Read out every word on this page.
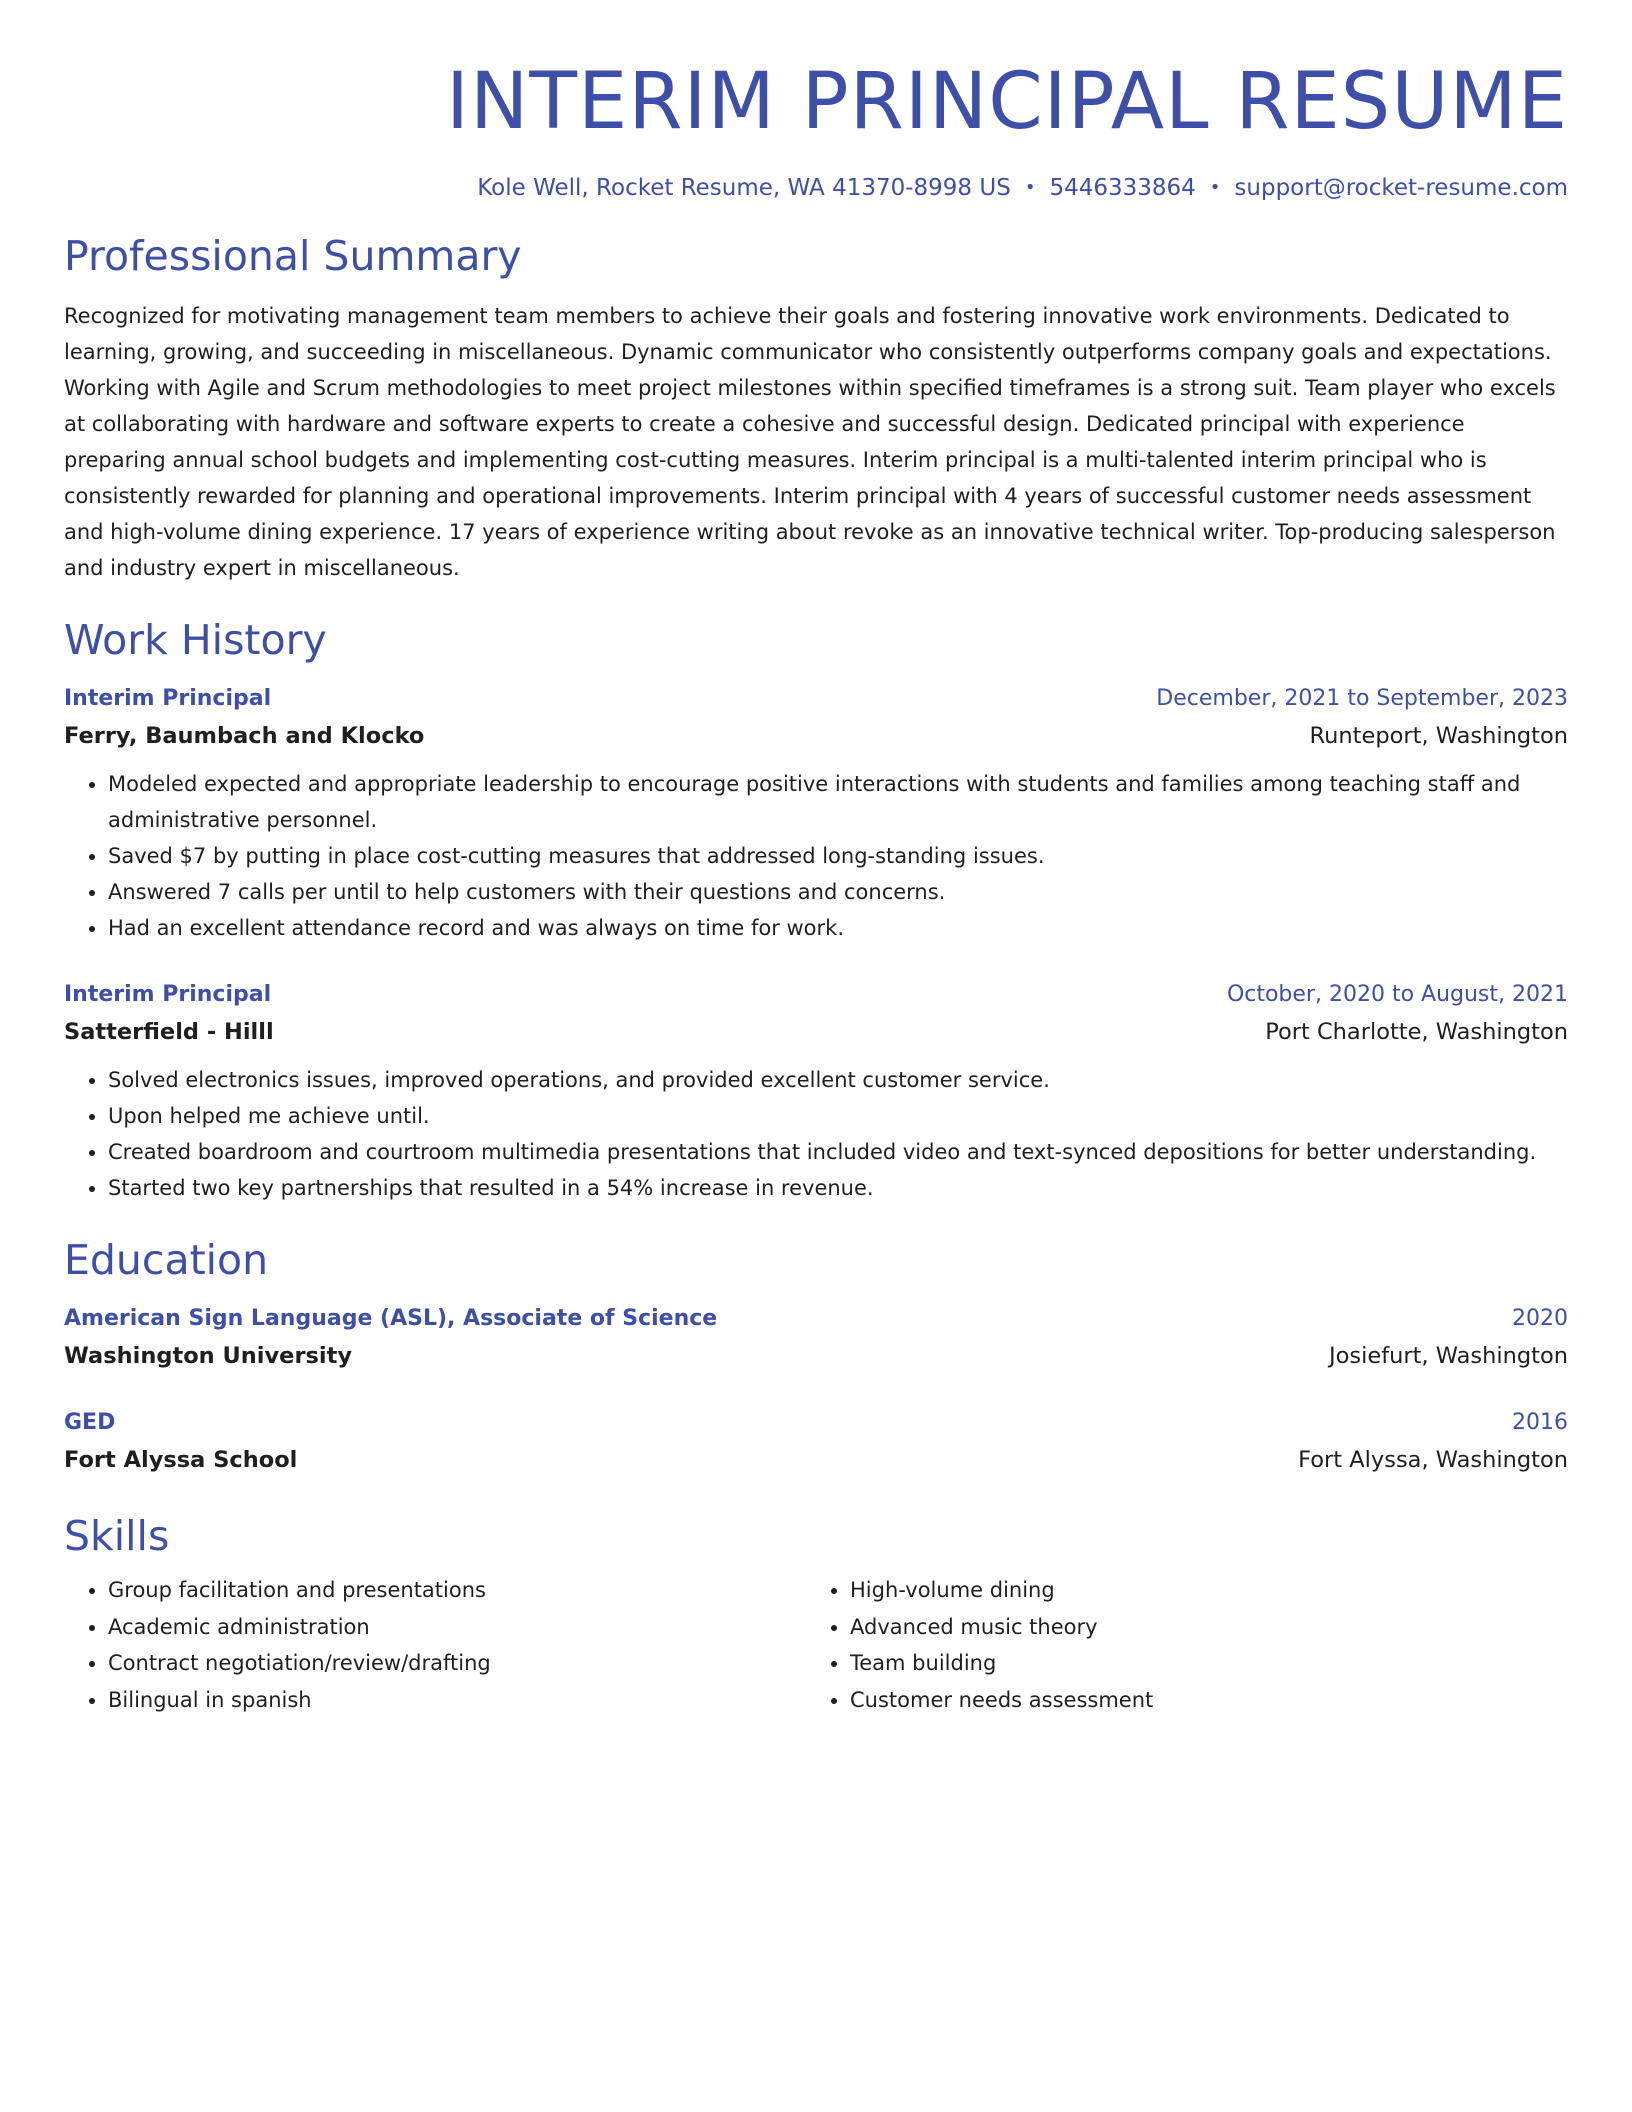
INTERIM PRINCIPAL RESUME
Kole Well, Rocket Resume, WA 41370-8998 US • 5446333864 • support@rocket-resume.com
Professional Summary

Recognized for motivating management team members to achieve their goals and fostering innovative work environments. Dedicated to learning, growing, and succeeding in miscellaneous. Dynamic communicator who consistently outperforms company goals and expectations. Working with Agile and Scrum methodologies to meet project milestones within specified timeframes is a strong suit. Team player who excels at collaborating with hardware and software experts to create a cohesive and successful design. Dedicated principal with experience preparing annual school budgets and implementing cost-cutting measures. Interim principal is a multi-talented interim principal who is consistently rewarded for planning and operational improvements. Interim principal with 4 years of successful customer needs assessment and high-volume dining experience. 17 years of experience writing about revoke as an innovative technical writer. Top-producing salesperson and industry expert in miscellaneous.

Work History
Interim Principal	December, 2021 to September, 2023
Ferry, Baumbach and Klocko	Runteport, Washington
• Modeled expected and appropriate leadership to encourage positive interactions with students and families among teaching staff and administrative personnel.
• Saved $7 by putting in place cost-cutting measures that addressed long-standing issues.
• Answered 7 calls per until to help customers with their questions and concerns.
• Had an excellent attendance record and was always on time for work.
Interim Principal	October, 2020 to August, 2021
Satterfield - Hilll	Port Charlotte, Washington
• Solved electronics issues, improved operations, and provided excellent customer service.
• Upon helped me achieve until.
• Created boardroom and courtroom multimedia presentations that included video and text-synced depositions for better understanding.
• Started two key partnerships that resulted in a 54% increase in revenue.
Education
American Sign Language (ASL), Associate of Science	2020
Washington University	Josiefurt, Washington
GED	2016
Fort Alyssa School	Fort Alyssa, Washington
Skills
• Group facilitation and presentations
• Academic administration
• Contract negotiation/review/drafting
• Bilingual in spanish
• High-volume dining
• Advanced music theory
• Team building
• Customer needs assessment
